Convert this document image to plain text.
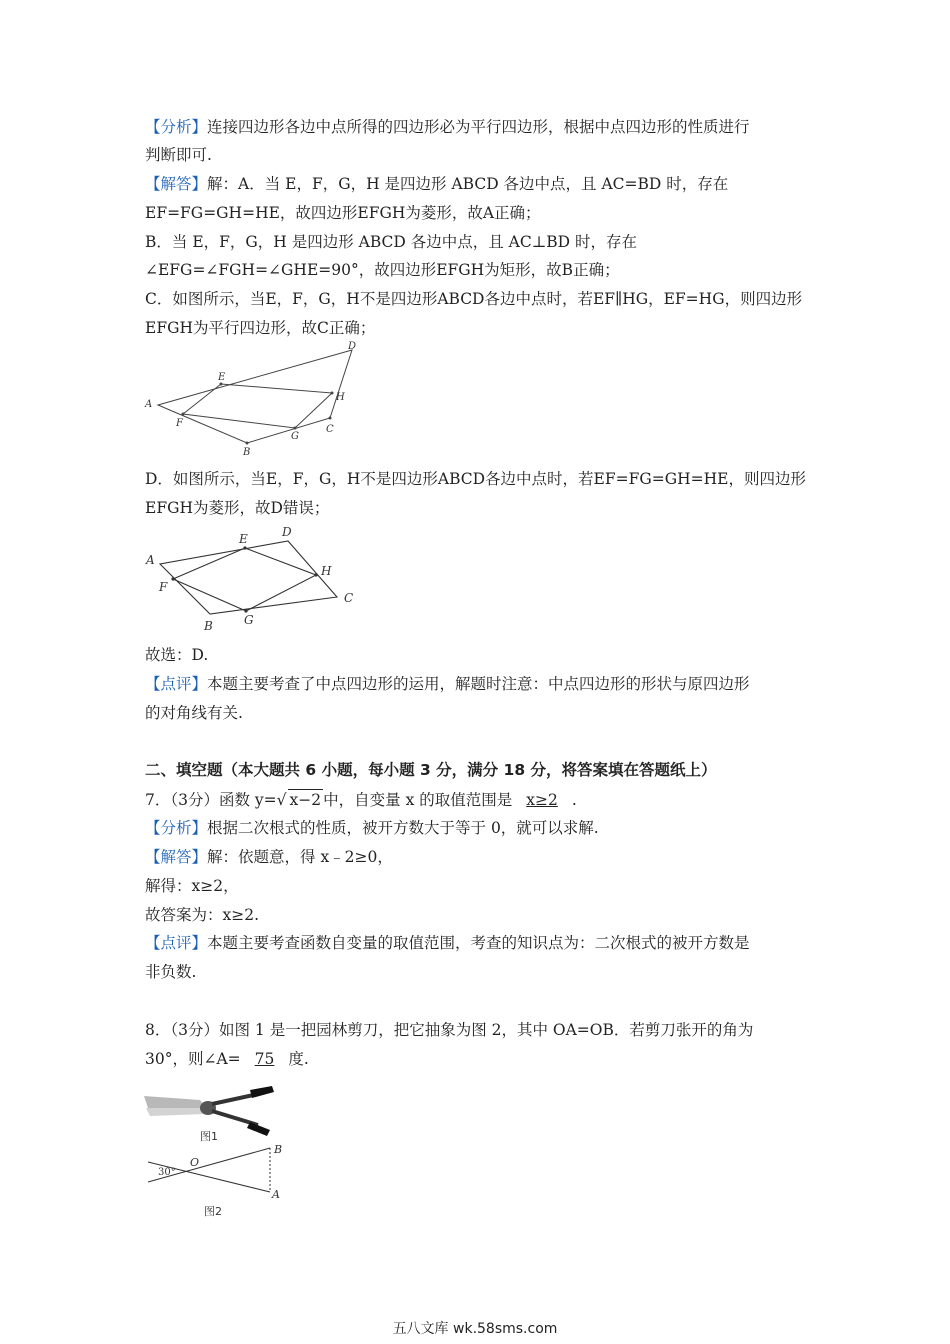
【分析】连接四边形各边中点所得的四边形必为平行四边形，根据中点四边形的性质进行
判断即可.
【解答】解：A．当 E，F，G，H 是四边形 ABCD 各边中点，且 AC=BD 时，存在
EF=FG=GH=HE，故四边形EFGH为菱形，故A正确；
B．当 E，F，G，H 是四边形 ABCD 各边中点，且 AC⊥BD 时，存在
∠EFG=∠FGH=∠GHE=90°，故四边形EFGH为矩形，故B正确；
C．如图所示，当E，F，G，H不是四边形ABCD各边中点时，若EF∥HG，EF=HG，则四边形
EFGH为平行四边形，故C正确；
A
B
C
D
E
F
G
H
D．如图所示，当E，F，G，H不是四边形ABCD各边中点时，若EF=FG=GH=HE，则四边形
EFGH为菱形，故D错误；
A
B
C
D
E
F
G
H
故选：D.
【点评】本题主要考查了中点四边形的运用，解题时注意：中点四边形的形状与原四边形
的对角线有关.
二、填空题（本大题共 6 小题，每小题 3 分，满分 18 分，将答案填在答题纸上）
7．（3分）函数 y=√ x−2 中，自变量 x 的取值范围是 x≥2 .
【分析】根据二次根式的性质，被开方数大于等于 0，就可以求解.
【解答】解：依题意，得 x﹣2≥0，
解得：x≥2，
故答案为：x≥2.
【点评】本题主要考查函数自变量的取值范围，考查的知识点为：二次根式的被开方数是
非负数.
8．（3分）如图 1 是一把园林剪刀，把它抽象为图 2，其中 OA=OB．若剪刀张开的角为
30°，则∠A= 75 度.
图1
30°
O
B
A
图2
五八文库 wk.58sms.com
